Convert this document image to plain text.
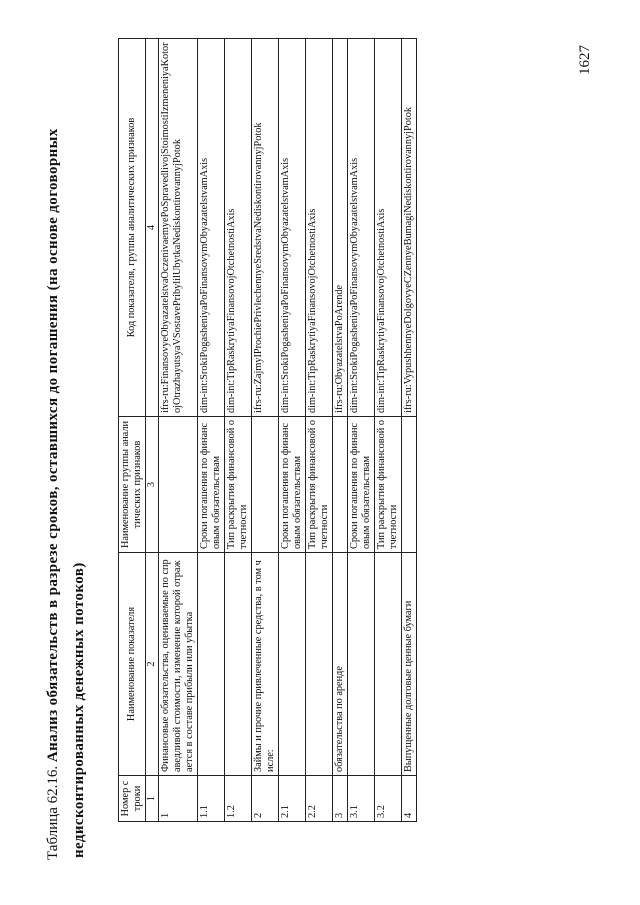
Таблица 62.16. Анализ обязательств в разрезе сроков, оставшихся до погашения (на основе договорных недисконтированных денежных потоков)	Номер строки	Наименование показателя	Наименование группы аналитических признаков	Код показателя, группы аналитических признаков
1	2	3	4
1	Финансовые обязательства, оцениваемые по справедливой стоимости, изменение которой отражается в составе прибыли или убытка		ifrs-ru:FinansovyeObyazatelstvaOczenivaemyePoSpravedlivojStoimostiIzmeneniyaKotorojOtrazhayutsyaVSostavePribylilUbytkaNediskontirovannyjPotok
1.1		Сроки погашения по финансовым обязательствам	dim-int:SrokiPogasheniyaPoFinansovymObyazatelstvamAxis
1.2		Тип раскрытия финансовой отчетности	dim-int:TipRaskrytiyaFinansovojOtchetnostiAxis
2	Займы и прочие привлеченные средства, в том числе:		ifrs-ru:ZajmyIProchiePrivlechennyeSredstvaNediskontirovannyjPotok
2.1		Сроки погашения по финансовым обязательствам	dim-int:SrokiPogasheniyaPoFinansovymObyazatelstvamAxis
2.2		Тип раскрытия финансовой отчетности	dim-int:TipRaskrytiyaFinansovojOtchetnostiAxis
3	обязательства по аренде		ifrs-ru:ObyazatelstvaPoArende
3.1		Сроки погашения по финансовым обязательствам	dim-int:SrokiPogasheniyaPoFinansovymObyazatelstvamAxis
3.2		Тип раскрытия финансовой отчетности	dim-int:TipRaskrytiyaFinansovojOtchetnostiAxis
4	Выпущенные долговые ценные бумаги		ifrs-ru:VypushhennyeDolgovyeCZennyeBumagiNediskontirovannyjPotok
1627
